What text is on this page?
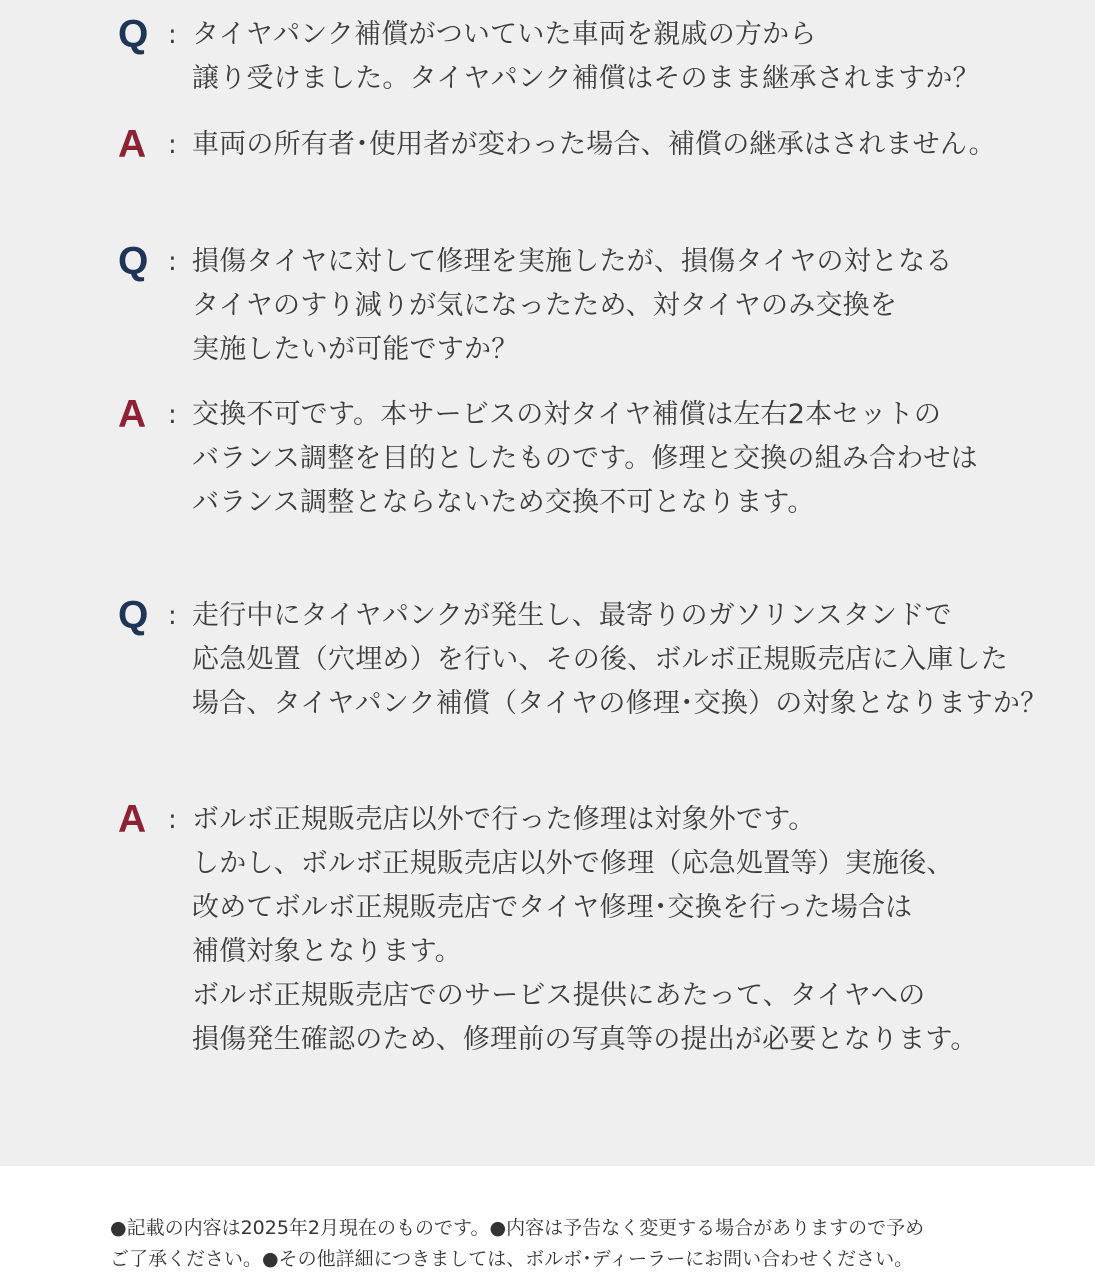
Q : タイヤパンク補償がついていた車両を親戚の方から
譲り受けました。タイヤパンク補償はそのまま継承されますか？
A : 車両の所有者･使用者が変わった場合、補償の継承はされません。
Q : 損傷タイヤに対して修理を実施したが、損傷タイヤの対となる
タイヤのすり減りが気になったため、対タイヤのみ交換を
実施したいが可能ですか？
A : 交換不可です。本サービスの対タイヤ補償は左右2本セットの
バランス調整を目的としたものです。修理と交換の組み合わせは
バランス調整とならないため交換不可となります。
Q : 走行中にタイヤパンクが発生し、最寄りのガソリンスタンドで
応急処置（穴埋め）を行い、その後、ボルボ正規販売店に入庫した
場合、タイヤパンク補償（タイヤの修理･交換）の対象となりますか？
A : ボルボ正規販売店以外で行った修理は対象外です。
しかし、ボルボ正規販売店以外で修理（応急処置等）実施後、
改めてボルボ正規販売店でタイヤ修理･交換を行った場合は
補償対象となります。
ボルボ正規販売店でのサービス提供にあたって、タイヤへの
損傷発生確認のため、修理前の写真等の提出が必要となります。
●記載の内容は2025年2月現在のものです。●内容は予告なく変更する場合がありますので予め
ご了承ください。●その他詳細につきましては、ボルボ･ディーラーにお問い合わせください。
